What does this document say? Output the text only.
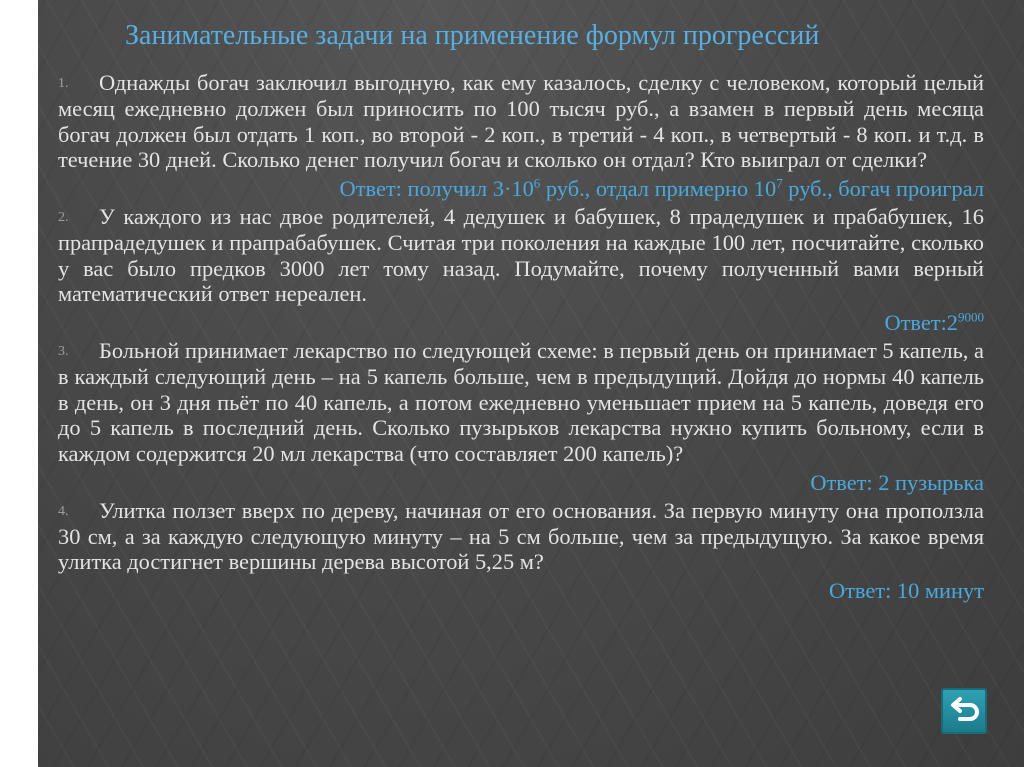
Занимательные задачи на применение формул прогрессий
1.	Однажды богач заключил выгодную, как ему казалось, сделку с человеком, который целый месяц ежедневно должен был приносить по 100 тысяч руб., а взамен в первый день месяца богач должен был отдать 1 коп., во второй - 2 коп., в третий - 4 коп., в четвертый - 8 коп. и т.д. в течение 30 дней. Сколько денег получил богач и сколько он отдал? Кто выиграл от сделки?

Ответ: получил $3\cdot 10^6$ руб., отдал примерно $10^7$ руб., богач проиграл
2.	У каждого из нас двое родителей, 4 дедушек и бабушек, 8 прадедушек и прабабушек, 16 прапрадедушек и прапрабабушек. Считая три поколения на каждые 100 лет, посчитайте, сколько у вас было предков 3000 лет тому назад. Подумайте, почему полученный вами верный математический ответ нереален.

$Ответ:2^{9000}$
3.	Больной принимает лекарство по следующей схеме: в первый день он принимает 5 капель, а в каждый следующий день – на 5 капель больше, чем в предыдущий. Дойдя до нормы 40 капель в день, он 3 дня пьёт по 40 капель, а потом ежедневно уменьшает прием на 5 капель, доведя его до 5 капель в последний день. Сколько пузырьков лекарства нужно купить больному, если в каждом содержится 20 мл лекарства (что составляет 200 капель)?

Ответ: 2 пузырька
4.	Улитка ползет вверх по дереву, начиная от его основания. За первую минуту она проползла 30 см, а за каждую следующую минуту – на 5 см больше, чем за предыдущую. За какое время улитка достигнет вершины дерева высотой 5,25 м?

Ответ: 10 минут
